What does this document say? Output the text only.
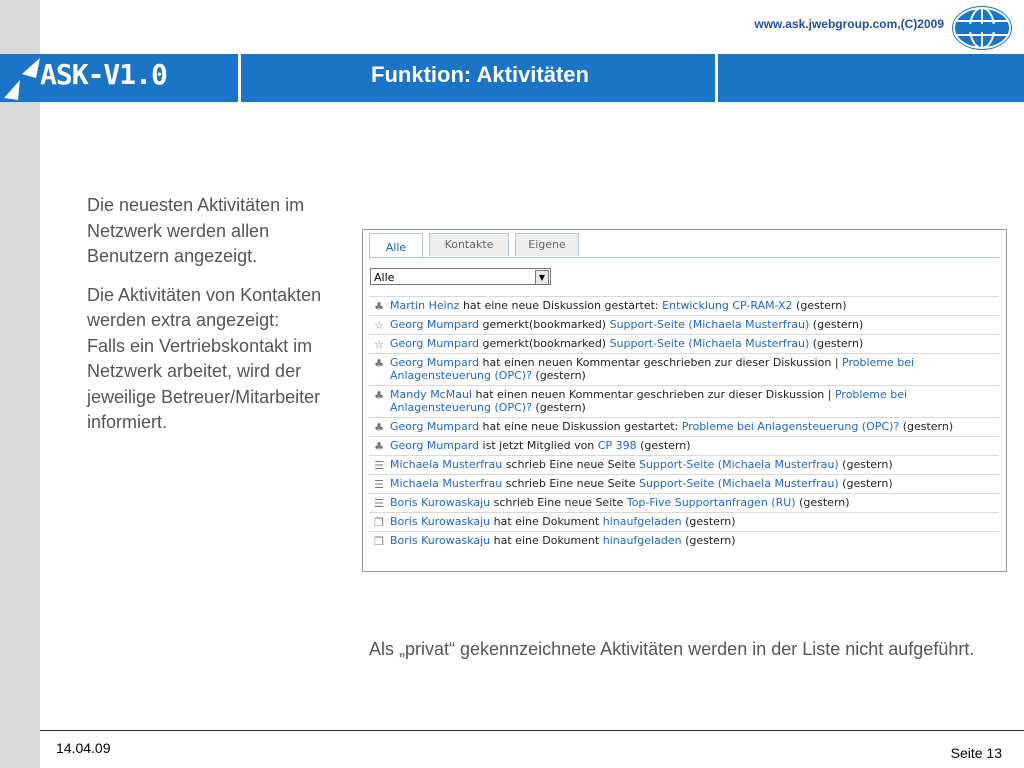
www.ask.jwebgroup.com,(C)2009
ASK-V1.0	Funktion: Aktivitäten

Die neuesten Aktivitäten im Netzwerk werden allen Benutzern angezeigt.

Die Aktivitäten von Kontakten werden extra angezeigt:

Falls ein Vertriebskontakt im Netzwerk arbeitet, wird der jeweilige Betreuer/Mitarbeiter informiert.

Alle	Kontakte	Eigene
Alle	▼
♣ Martin Heinz hat eine neue Diskussion gestartet: Entwicklung CP-RAM-X2 (gestern)
☆ Georg Mumpard gemerkt(bookmarked) Support-Seite (Michaela Musterfrau) (gestern)
☆ Georg Mumpard gemerkt(bookmarked) Support-Seite (Michaela Musterfrau) (gestern)
♣ Georg Mumpard hat einen neuen Kommentar geschrieben zur dieser Diskussion | Probleme bei Anlagensteuerung (OPC)? (gestern)
♣ Mandy McMaul hat einen neuen Kommentar geschrieben zur dieser Diskussion | Probleme bei Anlagensteuerung (OPC)? (gestern)
♣ Georg Mumpard hat eine neue Diskussion gestartet: Probleme bei Anlagensteuerung (OPC)? (gestern)
♣ Georg Mumpard ist jetzt Mitglied von CP 398 (gestern)
☰ Michaela Musterfrau schrieb Eine neue Seite Support-Seite (Michaela Musterfrau) (gestern)
☰ Michaela Musterfrau schrieb Eine neue Seite Support-Seite (Michaela Musterfrau) (gestern)
☰ Boris Kurowaskaju schrieb Eine neue Seite Top-Five Supportanfragen (RU) (gestern)
❐ Boris Kurowaskaju hat eine Dokument hinaufgeladen (gestern)
❐ Boris Kurowaskaju hat eine Dokument hinaufgeladen (gestern)
Als „privat“ gekennzeichnete Aktivitäten werden in der Liste nicht aufgeführt.
14.04.09	Seite 13
